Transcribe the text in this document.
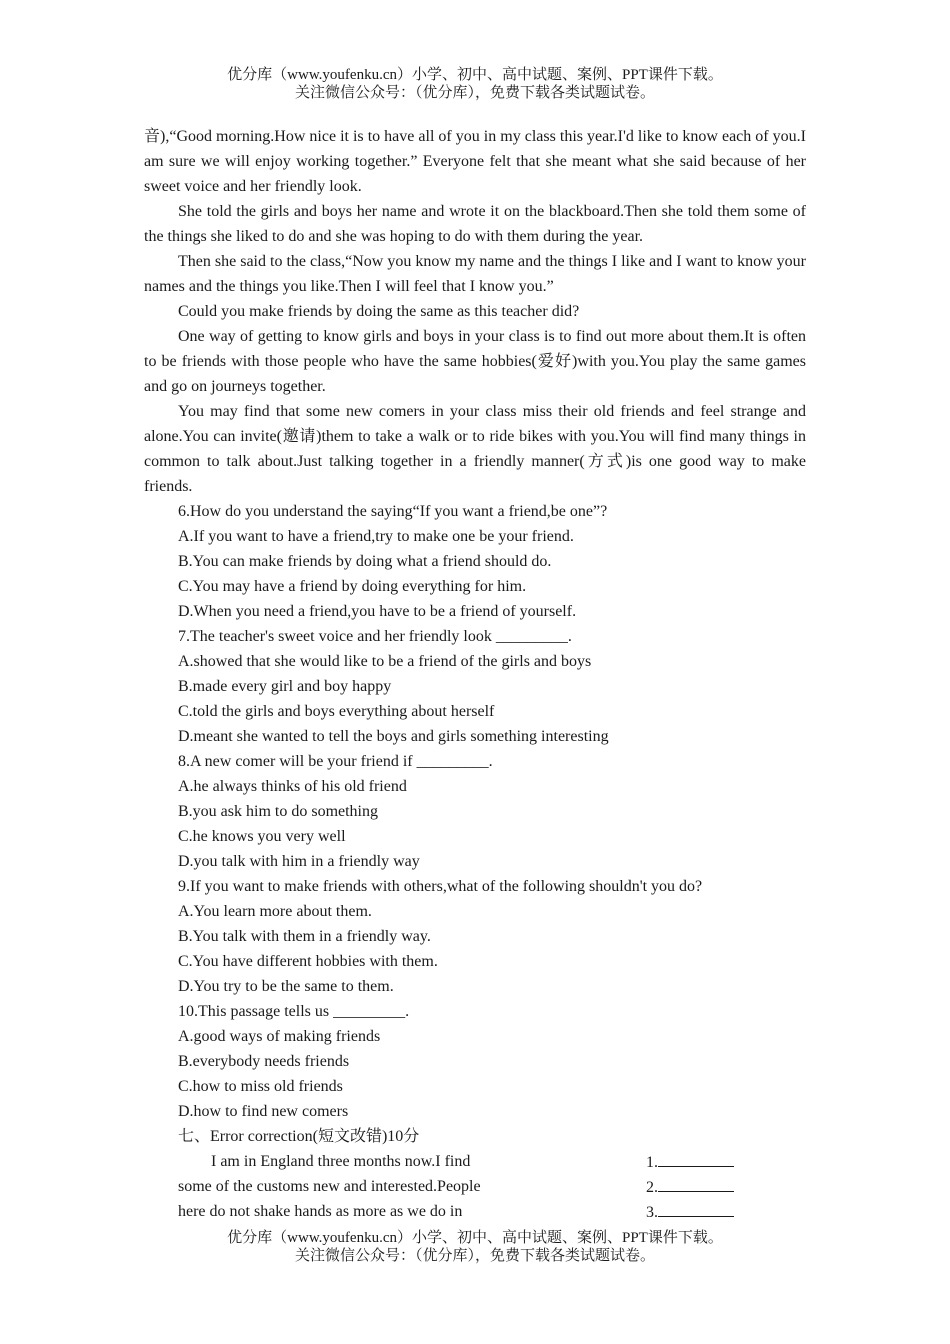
优分库（www.youfenku.cn）小学、初中、高中试题、案例、PPT课件下载。
关注微信公众号：（优分库），免费下载各类试题试卷。

音),“Good morning.How nice it is to have all of you in my class this year.I'd like to know each of you.I am sure we will enjoy working together.” Everyone felt that she meant what she said because of her sweet voice and her friendly look.

She told the girls and boys her name and wrote it on the blackboard.Then she told them some of the things she liked to do and she was hoping to do with them during the year.

Then she said to the class,“Now you know my name and the things I like and I want to know your names and the things you like.Then I will feel that I know you.”

Could you make friends by doing the same as this teacher did?

One way of getting to know girls and boys in your class is to find out more about them.It is often to be friends with those people who have the same hobbies(爱好)with you.You play the same games and go on journeys together.

You may find that some new comers in your class miss their old friends and feel strange and alone.You can invite(邀请)them to take a walk or to ride bikes with you.You will find many things in common to talk about.Just talking together in a friendly manner(方式)is one good way to make friends.

6.How do you understand the saying“If you want a friend,be one”?

A.If you want to have a friend,try to make one be your friend.

B.You can make friends by doing what a friend should do.

C.You may have a friend by doing everything for him.

D.When you need a friend,you have to be a friend of yourself.

7.The teacher's sweet voice and her friendly look _________.

A.showed that she would like to be a friend of the girls and boys

B.made every girl and boy happy

C.told the girls and boys everything about herself

D.meant she wanted to tell the boys and girls something interesting

8.A new comer will be your friend if _________.

A.he always thinks of his old friend

B.you ask him to do something

C.he knows you very well

D.you talk with him in a friendly way

9.If you want to make friends with others,what of the following shouldn't you do?

A.You learn more about them.

B.You talk with them in a friendly way.

C.You have different hobbies with them.

D.You try to be the same to them.

10.This passage tells us _________.

A.good ways of making friends

B.everybody needs friends

C.how to miss old friends

D.how to find new comers

七、Error correction(短文改错)10分

I am in England three months now.I find	1.
some of the customs new and interested.People	2.
here do not shake hands as more as we do in	3.
优分库（www.youfenku.cn）小学、初中、高中试题、案例、PPT课件下载。
关注微信公众号：（优分库），免费下载各类试题试卷。
